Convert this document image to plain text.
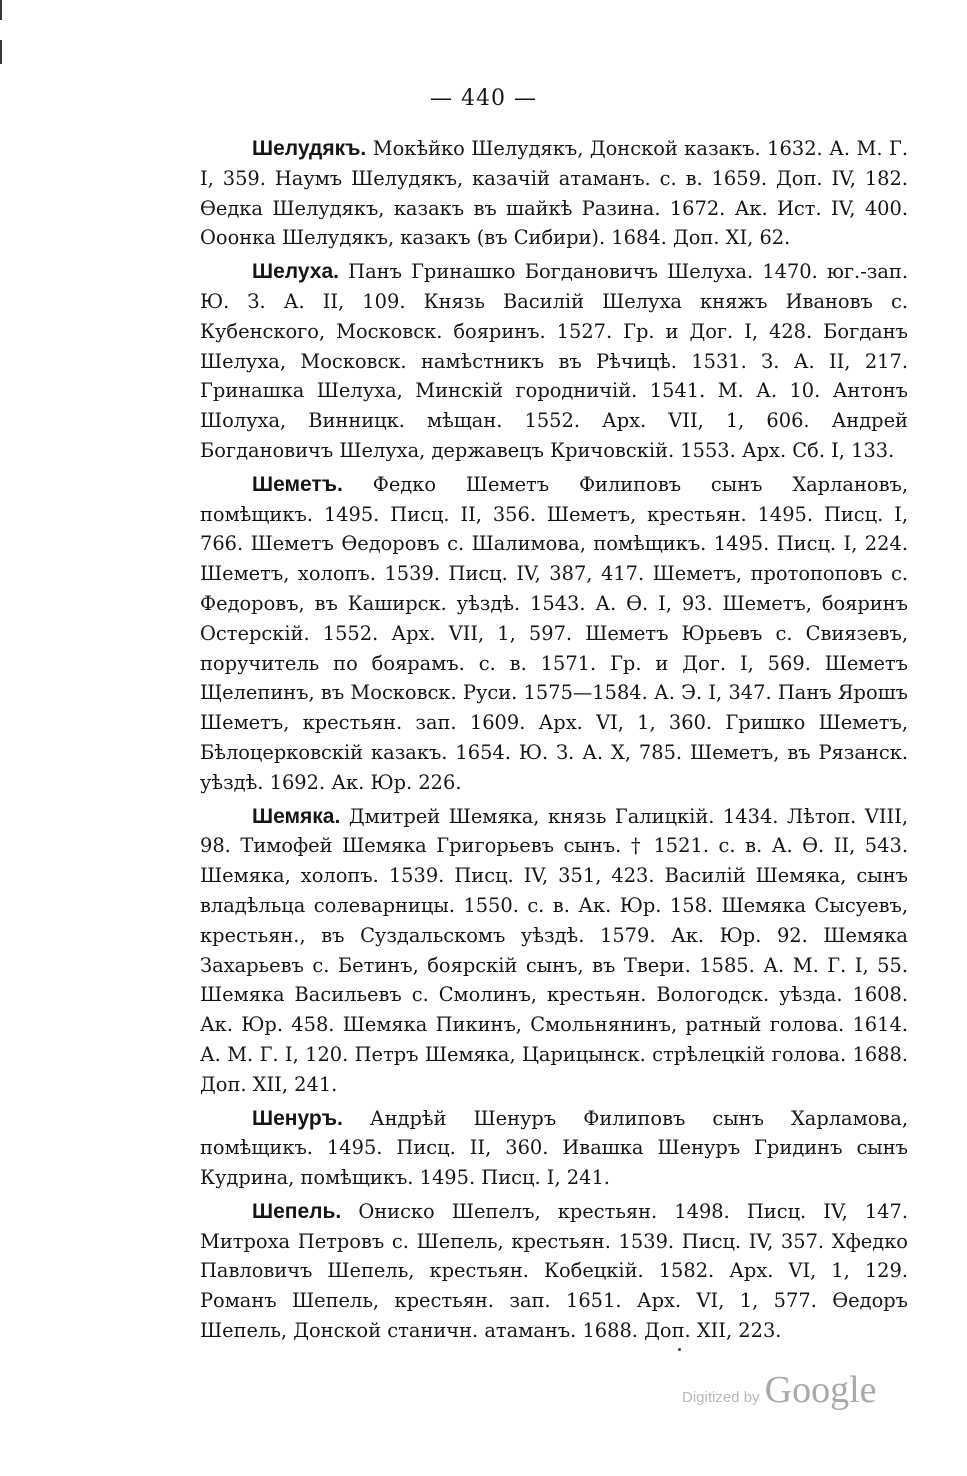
— 440 —

Шелудякъ. Мокѣйко Шелудякъ, Донской казакъ. 1632. А. М. Г. I, 359. Наумъ Шелудякъ, казачій атаманъ. с. в. 1659. Доп. IV, 182. Ѳедка Шелудякъ, казакъ въ шайкѣ Разина. 1672. Ак. Ист. IV, 400. Ооонка Шелудякъ, казакъ (въ Сибири). 1684. Доп. XI, 62.

Шелуха. Панъ Гринашко Богдановичъ Шелуха. 1470. юг.-зап. Ю. З. А. II, 109. Князь Василій Шелуха княжъ Ивановъ с. Кубенского, Московск. бояринъ. 1527. Гр. и Дог. I, 428. Богданъ Шелуха, Московск. намѣстникъ въ Рѣчицѣ. 1531. З. А. II, 217. Гринашка Шелуха, Минскій городничій. 1541. М. А. 10. Антонъ Шолуха, Винницк. мѣщан. 1552. Арх. VII, 1, 606. Андрей Богдановичъ Шелуха, державецъ Кричовскій. 1553. Арх. Сб. I, 133.

Шеметъ. Федко Шеметъ Филиповъ сынъ Харлановъ, помѣщикъ. 1495. Писц. II, 356. Шеметъ, крестьян. 1495. Писц. I, 766. Шеметъ Ѳедоровъ с. Шалимова, помѣщикъ. 1495. Писц. I, 224. Шеметъ, холопъ. 1539. Писц. IV, 387, 417. Шеметъ, протопоповъ с. Федоровъ, въ Каширск. уѣздѣ. 1543. А. Ѳ. I, 93. Шеметъ, бояринъ Остерскій. 1552. Арх. VII, 1, 597. Шеметъ Юрьевъ с. Свиязевъ, поручитель по боярамъ. с. в. 1571. Гр. и Дог. I, 569. Шеметъ Щелепинъ, въ Московск. Руси. 1575—1584. А. Э. I, 347. Панъ Ярошъ Шеметъ, крестьян. зап. 1609. Арх. VI, 1, 360. Гришко Шеметъ, Бѣлоцерковскій казакъ. 1654. Ю. З. А. X, 785. Шеметъ, въ Рязанск. уѣздѣ. 1692. Ак. Юр. 226.

Шемяка. Дмитрей Шемяка, князь Галицкій. 1434. Лѣтоп. VIII, 98. Тимофей Шемяка Григорьевъ сынъ. † 1521. с. в. А. Ѳ. II, 543. Шемяка, холопъ. 1539. Писц. IV, 351, 423. Василій Шемяка, сынъ владѣльца солеварницы. 1550. с. в. Ак. Юр. 158. Шемяка Сысуевъ, крестьян., въ Суздальскомъ уѣздѣ. 1579. Ак. Юр. 92. Шемяка Захарьевъ с. Бетинъ, боярскій сынъ, въ Твери. 1585. А. М. Г. I, 55. Шемяка Васильевъ с. Смолинъ, крестьян. Вологодск. уѣзда. 1608. Ак. Юр. 458. Шемяка Пикинъ, Смольнянинъ, ратный голова. 1614. А. М. Г. I, 120. Петръ Шемяка, Царицынск. стрѣлецкій голова. 1688. Доп. XII, 241.

Шенуръ. Андрѣй Шенуръ Филиповъ сынъ Харламова, помѣщикъ. 1495. Писц. II, 360. Ивашка Шенуръ Гридинъ сынъ Кудрина, помѣщикъ. 1495. Писц. I, 241.

Шепель. Ониско Шепелъ, крестьян. 1498. Писц. IV, 147. Митроха Петровъ с. Шепель, крестьян. 1539. Писц. IV, 357. Хфедко Павловичъ Шепель, крестьян. Кобецкій. 1582. Арх. VI, 1, 129. Романъ Шепель, крестьян. зап. 1651. Арх. VI, 1, 577. Ѳедоръ Шепель, Донской станичн. атаманъ. 1688. Доп. XII, 223.

Digitized by Google
